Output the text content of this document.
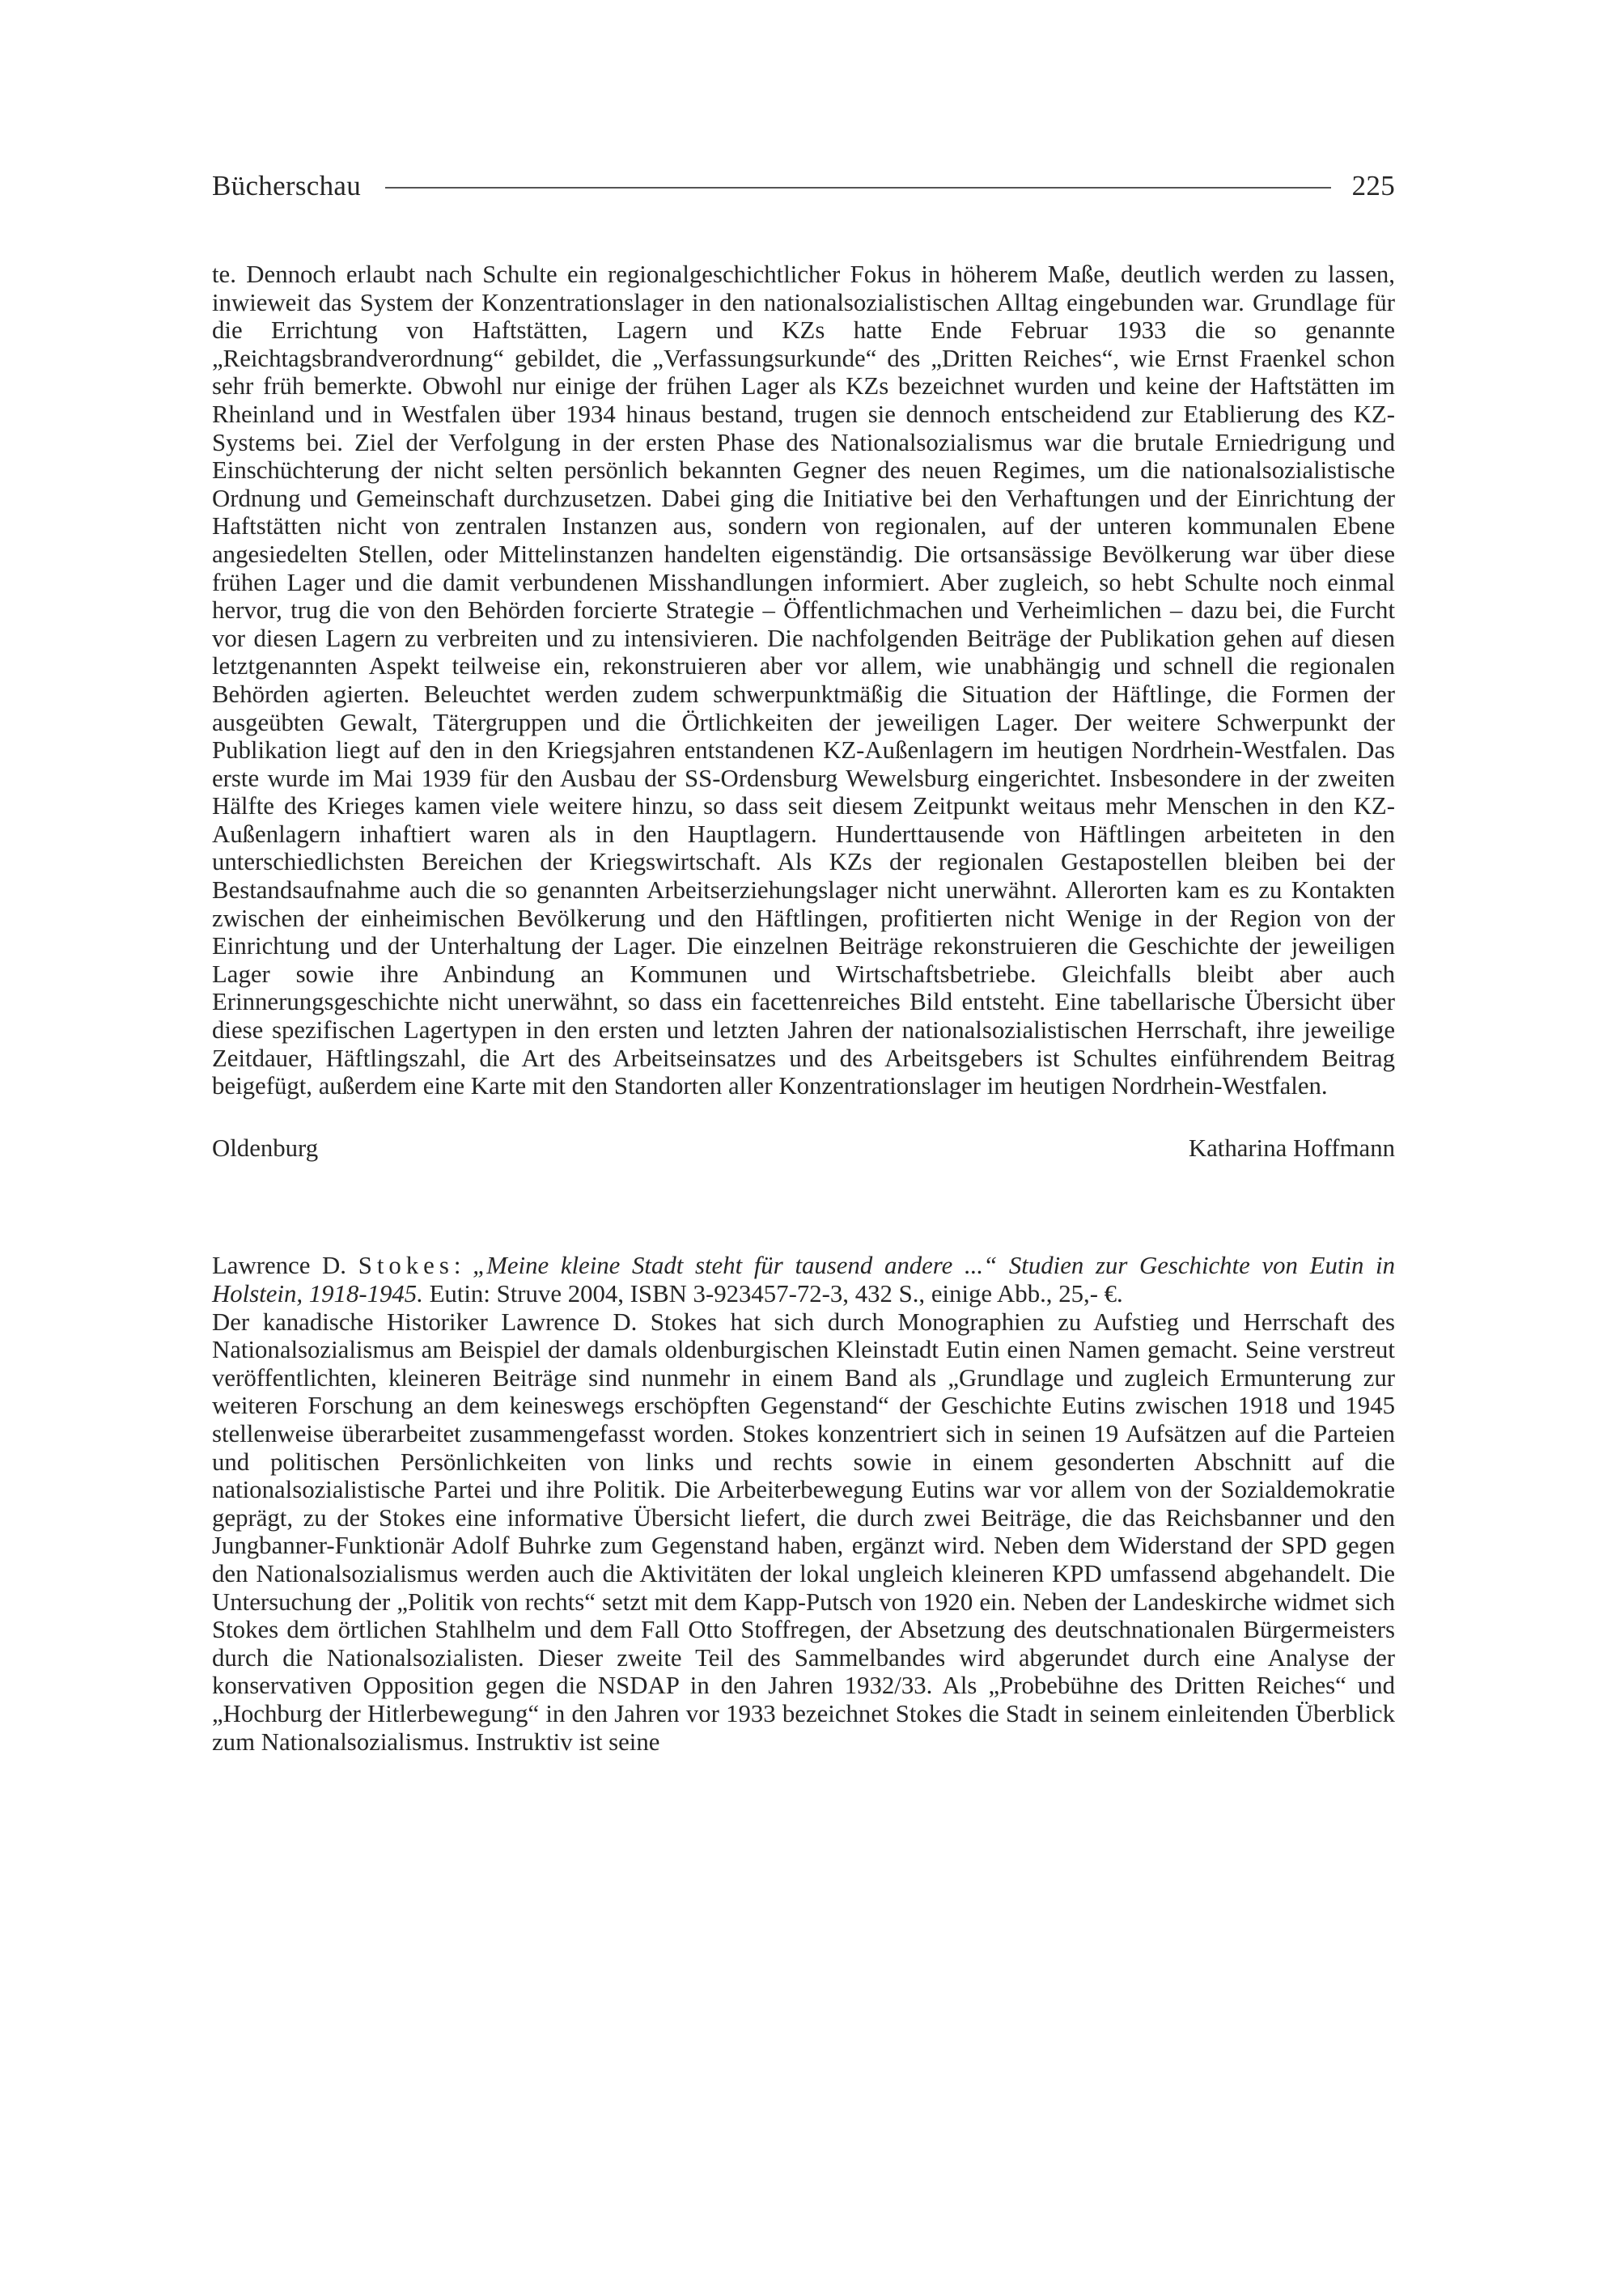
Bücherschau	225

te. Dennoch erlaubt nach Schulte ein regionalgeschichtlicher Fokus in höherem Maße, deutlich werden zu lassen, inwieweit das System der Konzentrationslager in den nationalsozialistischen Alltag eingebunden war. Grundlage für die Errichtung von Haftstätten, Lagern und KZs hatte Ende Februar 1933 die so genannte „Reichtagsbrandverordnung“ gebildet, die „Verfassungsurkunde“ des „Dritten Reiches“, wie Ernst Fraenkel schon sehr früh bemerkte. Obwohl nur einige der frühen Lager als KZs bezeichnet wurden und keine der Haftstätten im Rheinland und in Westfalen über 1934 hinaus bestand, trugen sie dennoch entscheidend zur Etablierung des KZ-Systems bei. Ziel der Verfolgung in der ersten Phase des Nationalsozialismus war die brutale Erniedrigung und Einschüchterung der nicht selten persönlich bekannten Gegner des neuen Regimes, um die nationalsozialistische Ordnung und Gemeinschaft durchzusetzen. Dabei ging die Initiative bei den Verhaftungen und der Einrichtung der Haftstätten nicht von zentralen Instanzen aus, sondern von regionalen, auf der unteren kommunalen Ebene angesiedelten Stellen, oder Mittelinstanzen handelten eigenständig. Die ortsansässige Bevölkerung war über diese frühen Lager und die damit verbundenen Misshandlungen informiert. Aber zugleich, so hebt Schulte noch einmal hervor, trug die von den Behörden forcierte Strategie – Öffentlichmachen und Verheimlichen – dazu bei, die Furcht vor diesen Lagern zu verbreiten und zu intensivieren. Die nachfolgenden Beiträge der Publikation gehen auf diesen letztgenannten Aspekt teilweise ein, rekonstruieren aber vor allem, wie unabhängig und schnell die regionalen Behörden agierten. Beleuchtet werden zudem schwerpunktmäßig die Situation der Häftlinge, die Formen der ausgeübten Gewalt, Tätergruppen und die Örtlichkeiten der jeweiligen Lager. Der weitere Schwerpunkt der Publikation liegt auf den in den Kriegsjahren entstandenen KZ-Außenlagern im heutigen Nordrhein-Westfalen. Das erste wurde im Mai 1939 für den Ausbau der SS-Ordensburg Wewelsburg eingerichtet. Insbesondere in der zweiten Hälfte des Krieges kamen viele weitere hinzu, so dass seit diesem Zeitpunkt weitaus mehr Menschen in den KZ-Außenlagern inhaftiert waren als in den Hauptlagern. Hunderttausende von Häftlingen arbeiteten in den unterschiedlichsten Bereichen der Kriegswirtschaft. Als KZs der regionalen Gestapostellen bleiben bei der Bestandsaufnahme auch die so genannten Arbeitserziehungslager nicht unerwähnt. Allerorten kam es zu Kontakten zwischen der einheimischen Bevölkerung und den Häftlingen, profitierten nicht Wenige in der Region von der Einrichtung und der Unterhaltung der Lager. Die einzelnen Beiträge rekonstruieren die Geschichte der jeweiligen Lager sowie ihre Anbindung an Kommunen und Wirtschaftsbetriebe. Gleichfalls bleibt aber auch Erinnerungsgeschichte nicht unerwähnt, so dass ein facettenreiches Bild entsteht. Eine tabellarische Übersicht über diese spezifischen Lagertypen in den ersten und letzten Jahren der nationalsozialistischen Herrschaft, ihre jeweilige Zeitdauer, Häftlingszahl, die Art des Arbeitseinsatzes und des Arbeitsgebers ist Schultes einführendem Beitrag beigefügt, außerdem eine Karte mit den Standorten aller Konzentrationslager im heutigen Nordrhein-Westfalen.

Oldenburg	Katharina Hoffmann

Lawrence D. Stokes: „Meine kleine Stadt steht für tausend andere ...“ Studien zur Geschichte von Eutin in Holstein, 1918-1945. Eutin: Struve 2004, ISBN 3-923457-72-3, 432 S., einige Abb., 25,- €.

Der kanadische Historiker Lawrence D. Stokes hat sich durch Monographien zu Aufstieg und Herrschaft des Nationalsozialismus am Beispiel der damals oldenburgischen Kleinstadt Eutin einen Namen gemacht. Seine verstreut veröffentlichten, kleineren Beiträge sind nunmehr in einem Band als „Grundlage und zugleich Ermunterung zur weiteren Forschung an dem keineswegs erschöpften Gegenstand“ der Geschichte Eutins zwischen 1918 und 1945 stellenweise überarbeitet zusammengefasst worden. Stokes konzentriert sich in seinen 19 Aufsätzen auf die Parteien und politischen Persönlichkeiten von links und rechts sowie in einem gesonderten Abschnitt auf die nationalsozialistische Partei und ihre Politik. Die Arbeiterbewegung Eutins war vor allem von der Sozialdemokratie geprägt, zu der Stokes eine informative Übersicht liefert, die durch zwei Beiträge, die das Reichsbanner und den Jungbanner-Funktionär Adolf Buhrke zum Gegenstand haben, ergänzt wird. Neben dem Widerstand der SPD gegen den Nationalsozialismus werden auch die Aktivitäten der lokal ungleich kleineren KPD umfassend abgehandelt. Die Untersuchung der „Politik von rechts“ setzt mit dem Kapp-Putsch von 1920 ein. Neben der Landeskirche widmet sich Stokes dem örtlichen Stahlhelm und dem Fall Otto Stoffregen, der Absetzung des deutschnationalen Bürgermeisters durch die Nationalsozialisten. Dieser zweite Teil des Sammelbandes wird abgerundet durch eine Analyse der konservativen Opposition gegen die NSDAP in den Jahren 1932/33. Als „Probebühne des Dritten Reiches“ und „Hochburg der Hitlerbewegung“ in den Jahren vor 1933 bezeichnet Stokes die Stadt in seinem einleitenden Überblick zum Nationalsozialismus. Instruktiv ist seine
